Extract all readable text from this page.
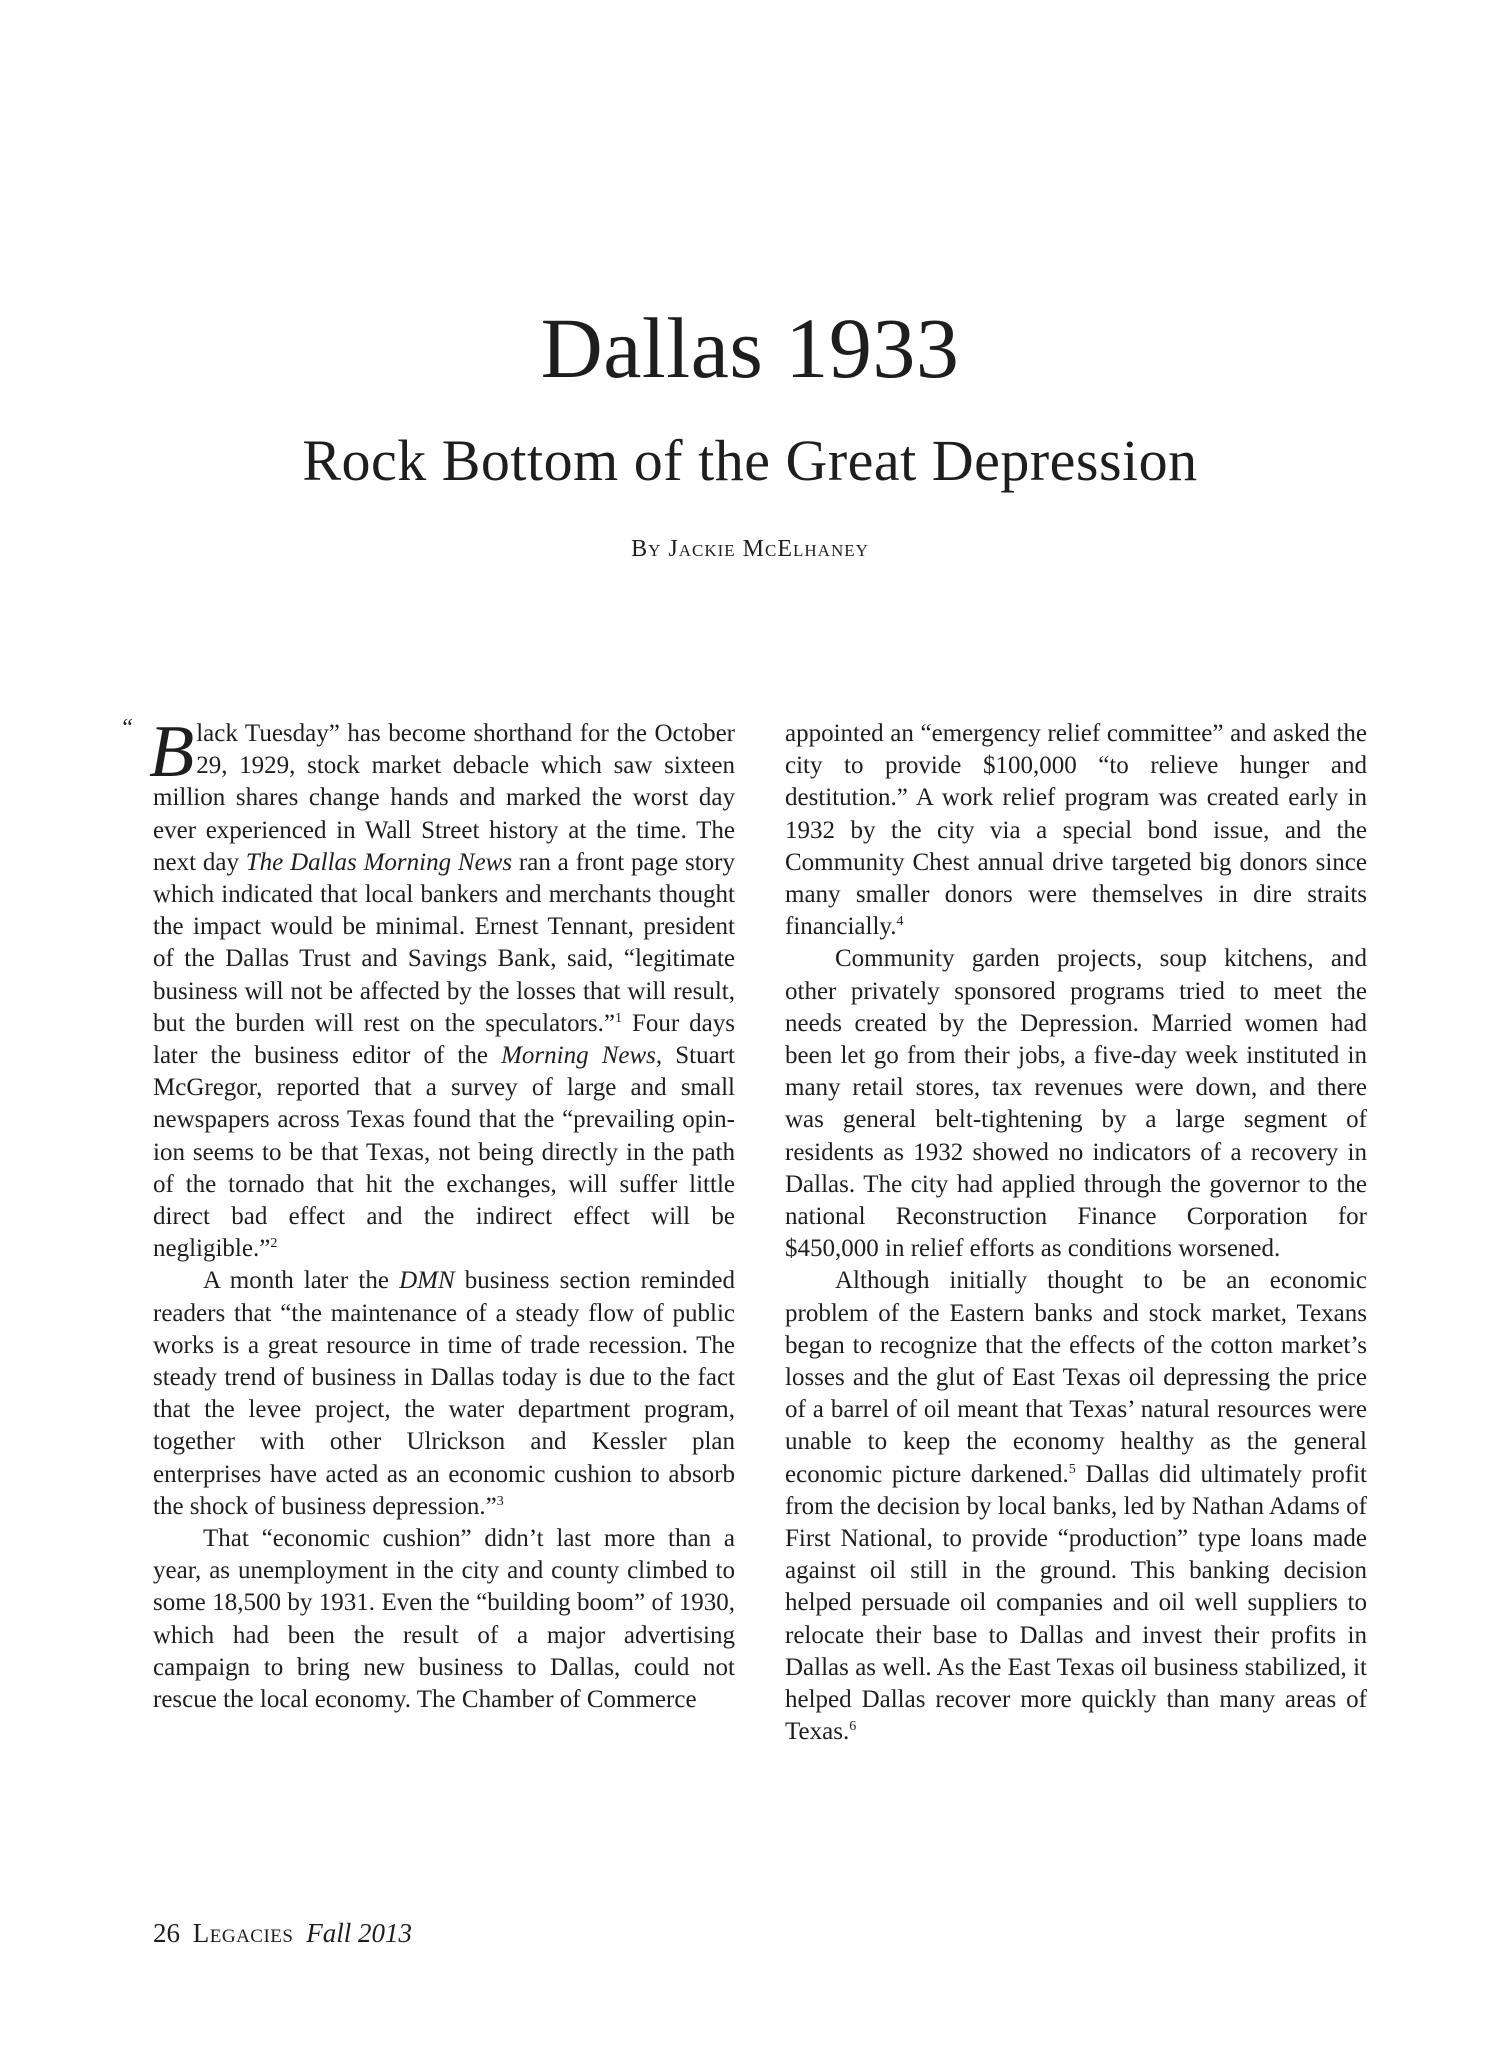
Dallas 1933
Rock Bottom of the Great Depression
By Jackie McElhaney

“ B lack Tuesday” has become shorthand for the October 29, 1929, stock market debacle which saw sixteen million shares change hands and marked the worst day ever experienced in Wall Street history at the time. The next day The Dallas Morning News ran a front page story which indicated that local bankers and merchants thought the impact would be minimal. Ernest Tennant, president of the Dallas Trust and Savings Bank, said, “legitimate business will not be affected by the losses that will result, but the burden will rest on the speculators.”$^1$ Four days later the business editor of the Morning News, Stuart McGregor, reported that a survey of large and small newspapers across Texas found that the “prevailing opinion seems to be that Texas, not being directly in the path of the tornado that hit the exchanges, will suffer little direct bad effect and the indirect effect will be negligible.”$^2$

A month later the DMN business section reminded readers that “the maintenance of a steady flow of public works is a great resource in time of trade recession. The steady trend of business in Dallas today is due to the fact that the levee project, the water department program, together with other Ulrickson and Kessler plan enterprises have acted as an economic cushion to absorb the shock of business depression.”$^3$

That “economic cushion” didn’t last more than a year, as unemployment in the city and county climbed to some 18,500 by 1931. Even the “building boom” of 1930, which had been the result of a major advertising campaign to bring new business to Dallas, could not rescue the local economy. The Chamber of Commerce

appointed an “emergency relief committee” and asked the city to provide $100,000 “to relieve hunger and destitution.” A work relief program was created early in 1932 by the city via a special bond issue, and the Community Chest annual drive targeted big donors since many smaller donors were themselves in dire straits financially.$^4$

Community garden projects, soup kitchens, and other privately sponsored programs tried to meet the needs created by the Depression. Married women had been let go from their jobs, a five-day week instituted in many retail stores, tax revenues were down, and there was general belt-tightening by a large segment of residents as 1932 showed no indicators of a recovery in Dallas. The city had applied through the governor to the national Reconstruction Finance Corporation for $450,000 in relief efforts as conditions worsened.

Although initially thought to be an economic problem of the Eastern banks and stock market, Texans began to recognize that the effects of the cotton market’s losses and the glut of East Texas oil depressing the price of a barrel of oil meant that Texas’ natural resources were unable to keep the economy healthy as the general economic picture darkened.$^5$ Dallas did ultimately profit from the decision by local banks, led by Nathan Adams of First National, to provide “production” type loans made against oil still in the ground. This banking decision helped persuade oil companies and oil well suppliers to relocate their base to Dallas and invest their profits in Dallas as well. As the East Texas oil business stabilized, it helped Dallas recover more quickly than many areas of Texas.$^6$

26 Legacies Fall 2013
